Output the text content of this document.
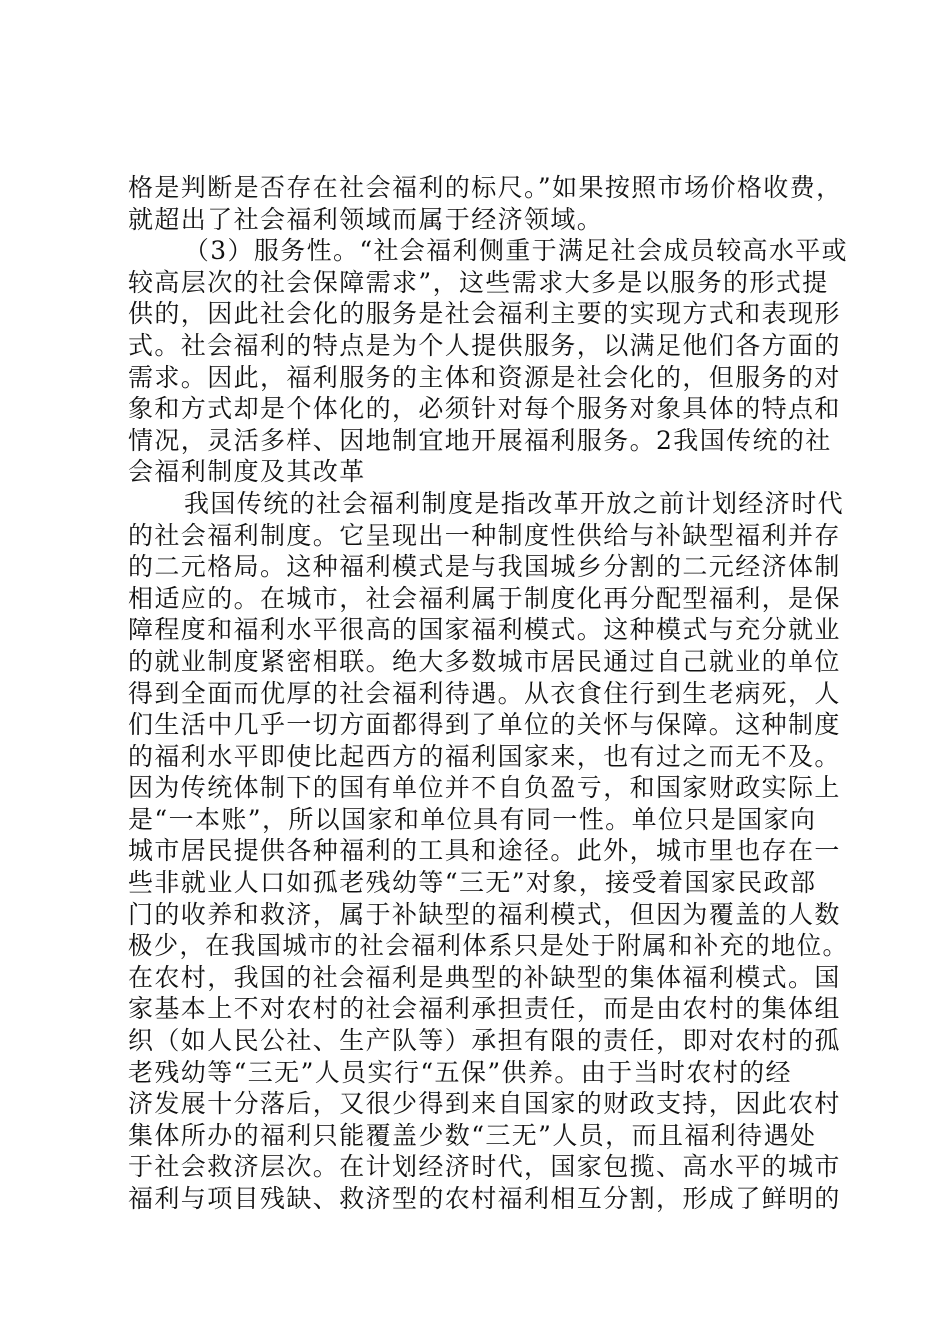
格是判断是否存在社会福利的标尺。”如果按照市场价格收费，
就超出了社会福利领域而属于经济领域。
（3）服务性。“社会福利侧重于满足社会成员较高水平或
较高层次的社会保障需求”，这些需求大多是以服务的形式提
供的，因此社会化的服务是社会福利主要的实现方式和表现形
式。社会福利的特点是为个人提供服务，以满足他们各方面的
需求。因此，福利服务的主体和资源是社会化的，但服务的对
象和方式却是个体化的，必须针对每个服务对象具体的特点和
情况，灵活多样、因地制宜地开展福利服务。2我国传统的社
会福利制度及其改革
我国传统的社会福利制度是指改革开放之前计划经济时代
的社会福利制度。它呈现出一种制度性供给与补缺型福利并存
的二元格局。这种福利模式是与我国城乡分割的二元经济体制
相适应的。在城市，社会福利属于制度化再分配型福利，是保
障程度和福利水平很高的国家福利模式。这种模式与充分就业
的就业制度紧密相联。绝大多数城市居民通过自己就业的单位
得到全面而优厚的社会福利待遇。从衣食住行到生老病死，人
们生活中几乎一切方面都得到了单位的关怀与保障。这种制度
的福利水平即使比起西方的福利国家来，也有过之而无不及。
因为传统体制下的国有单位并不自负盈亏，和国家财政实际上
是“一本账”，所以国家和单位具有同一性。单位只是国家向
城市居民提供各种福利的工具和途径。此外，城市里也存在一
些非就业人口如孤老残幼等“三无”对象，接受着国家民政部
门的收养和救济，属于补缺型的福利模式，但因为覆盖的人数
极少，在我国城市的社会福利体系只是处于附属和补充的地位。
在农村，我国的社会福利是典型的补缺型的集体福利模式。国
家基本上不对农村的社会福利承担责任，而是由农村的集体组
织（如人民公社、生产队等）承担有限的责任，即对农村的孤
老残幼等“三无”人员实行“五保”供养。由于当时农村的经
济发展十分落后，又很少得到来自国家的财政支持，因此农村
集体所办的福利只能覆盖少数“三无”人员，而且福利待遇处
于社会救济层次。在计划经济时代，国家包揽、高水平的城市
福利与项目残缺、救济型的农村福利相互分割，形成了鲜明的
